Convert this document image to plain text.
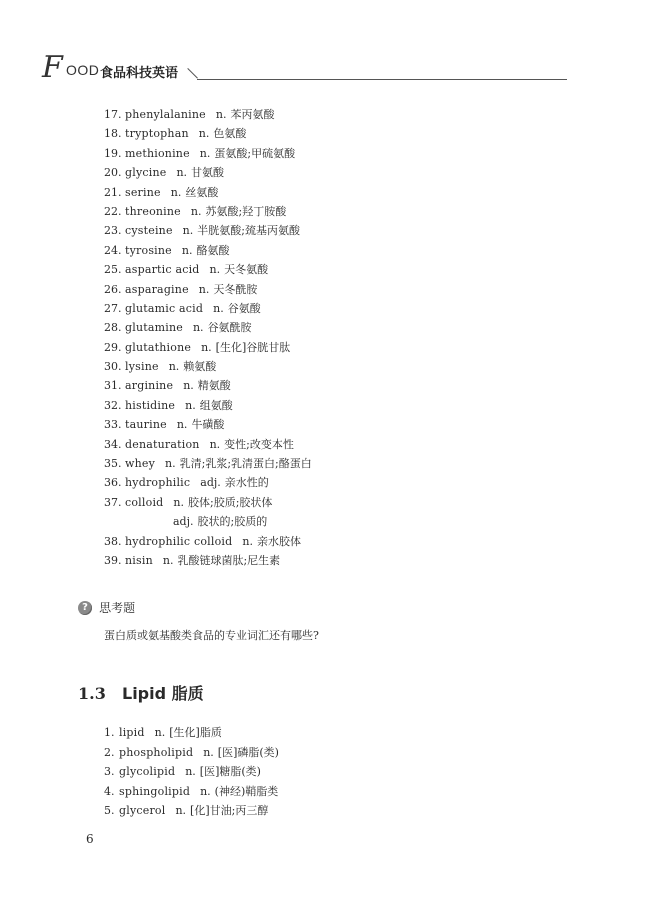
F OOD 食品科技英语
17. phenylalanine n. 苯丙氨酸
18. tryptophan n. 色氨酸
19. methionine n. 蛋氨酸;甲硫氨酸
20. glycine n. 甘氨酸
21. serine n. 丝氨酸
22. threonine n. 苏氨酸;羟丁胺酸
23. cysteine n. 半胱氨酸;巯基丙氨酸
24. tyrosine n. 酪氨酸
25. aspartic acid n. 天冬氨酸
26. asparagine n. 天冬酰胺
27. glutamic acid n. 谷氨酸
28. glutamine n. 谷氨酰胺
29. glutathione n. [生化]谷胱甘肽
30. lysine n. 赖氨酸
31. arginine n. 精氨酸
32. histidine n. 组氨酸
33. taurine n. 牛磺酸
34. denaturation n. 变性;改变本性
35. whey n. 乳清;乳浆;乳清蛋白;酪蛋白
36. hydrophilic adj. 亲水性的
37. colloid n. 胶体;胶质;胶状体
adj. 胶状的;胶质的
38. hydrophilic colloid n. 亲水胶体
39. nisin n. 乳酸链球菌肽;尼生素
? 思考题
蛋白质或氨基酸类食品的专业词汇还有哪些?
1.3 Lipid 脂质
1. lipid n. [生化]脂质
2. phospholipid n. [医]磷脂(类)
3. glycolipid n. [医]糖脂(类)
4. sphingolipid n. (神经)鞘脂类
5. glycerol n. [化]甘油;丙三醇
6
